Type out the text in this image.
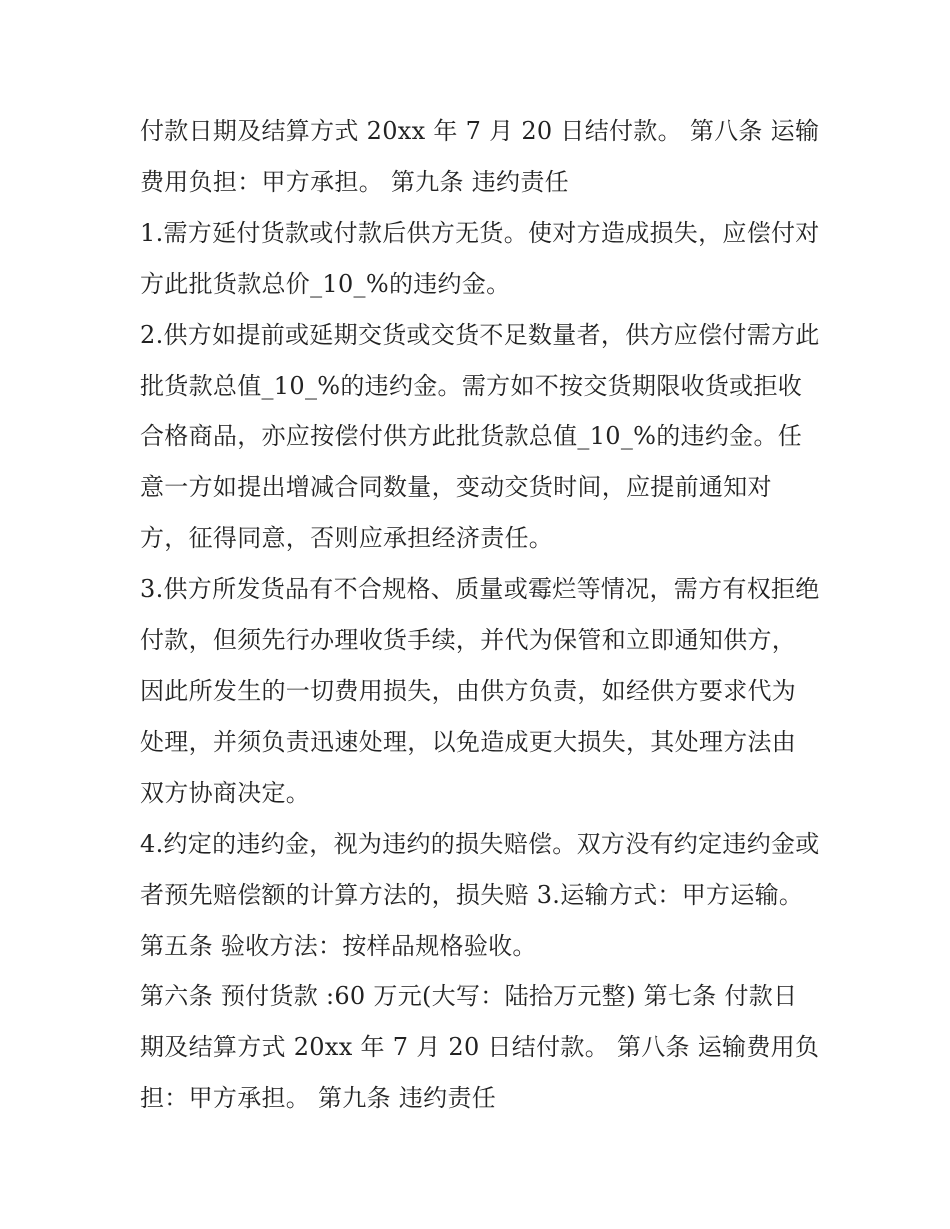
付款日期及结算方式 20xx 年 7 月 20 日结付款。 第八条 运输费用负担：甲方承担。 第九条 违约责任

1.需方延付货款或付款后供方无货。使对方造成损失，应偿付对方此批货款总价_10_%的违约金。

2.供方如提前或延期交货或交货不足数量者，供方应偿付需方此批货款总值_10_%的违约金。需方如不按交货期限收货或拒收合格商品，亦应按偿付供方此批货款总值_10_%的违约金。任意一方如提出增减合同数量，变动交货时间，应提前通知对方，征得同意，否则应承担经济责任。

3.供方所发货品有不合规格、质量或霉烂等情况，需方有权拒绝付款，但须先行办理收货手续，并代为保管和立即通知供方，因此所发生的一切费用损失，由供方负责，如经供方要求代为处理，并须负责迅速处理，以免造成更大损失，其处理方法由双方协商决定。

4.约定的违约金，视为违约的损失赔偿。双方没有约定违约金或者预先赔偿额的计算方法的，损失赔 3.运输方式：甲方运输。 第五条 验收方法：按样品规格验收。

第六条 预付货款 :60 万元(大写：陆拾万元整) 第七条 付款日期及结算方式 20xx 年 7 月 20 日结付款。 第八条 运输费用负担：甲方承担。 第九条 违约责任
